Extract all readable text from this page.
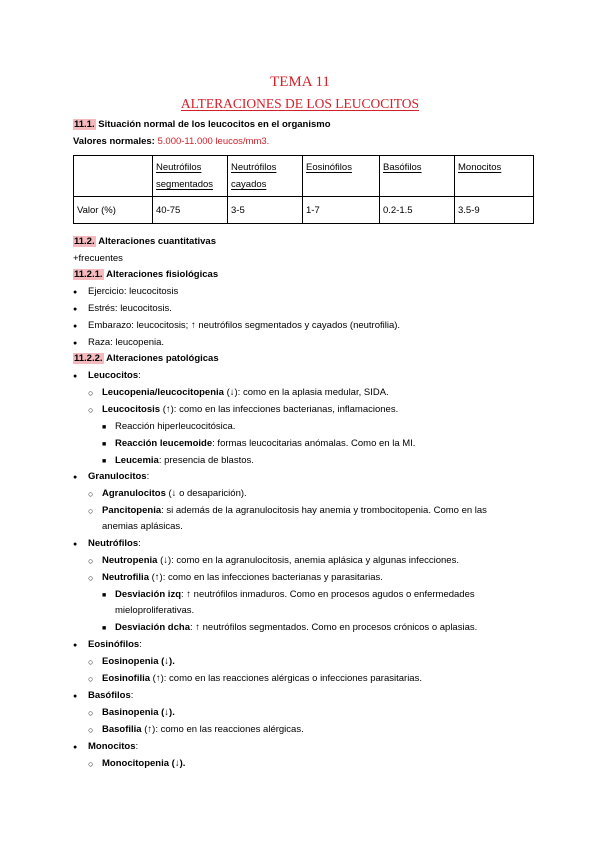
TEMA 11
ALTERACIONES DE LOS LEUCOCITOS
11.1. Situación normal de los leucocitos en el organismo
Valores normales: 5.000-11.000 leucos/mm3.
	Neutrófilos segmentados	Neutrófilos cayados	Eosinófilos	Basófilos	Monocitos
Valor (%)	40-75	3-5	1-7	0.2-1.5	3.5-9
11.2. Alteraciones cuantitativas
+frecuentes
11.2.1. Alteraciones fisiológicas
● Ejercicio: leucocitosis
● Estrés: leucocitosis.
● Embarazo: leucocitosis; ↑ neutrófilos segmentados y cayados (neutrofilia).
● Raza: leucopenia.
11.2.2. Alteraciones patológicas
● Leucocitos:
○ Leucopenia/leucocitopenia (↓): como en la aplasia medular, SIDA.
○ Leucocitosis (↑): como en las infecciones bacterianas, inflamaciones.
■ Reacción hiperleucocitósica.
■ Reacción leucemoide: formas leucocitarias anómalas. Como en la MI.
■ Leucemia: presencia de blastos.
● Granulocitos:
○ Agranulocitos (↓ o desaparición).
○ Pancitopenia: si además de la agranulocitosis hay anemia y trombocitopenia. Como en las
anemias aplásicas.
● Neutrófilos:
○ Neutropenia (↓): como en la agranulocitosis, anemia aplásica y algunas infecciones.
○ Neutrofilia (↑): como en las infecciones bacterianas y parasitarias.
■ Desviación izq: ↑ neutrófilos inmaduros. Como en procesos agudos o enfermedades
mieloproliferativas.
■ Desviación dcha: ↑ neutrófilos segmentados. Como en procesos crónicos o aplasias.
● Eosinófilos:
○ Eosinopenia (↓).
○ Eosinofilia (↑): como en las reacciones alérgicas o infecciones parasitarias.
● Basófilos:
○ Basinopenia (↓).
○ Basofilia (↑): como en las reacciones alérgicas.
● Monocitos:
○ Monocitopenia (↓).
